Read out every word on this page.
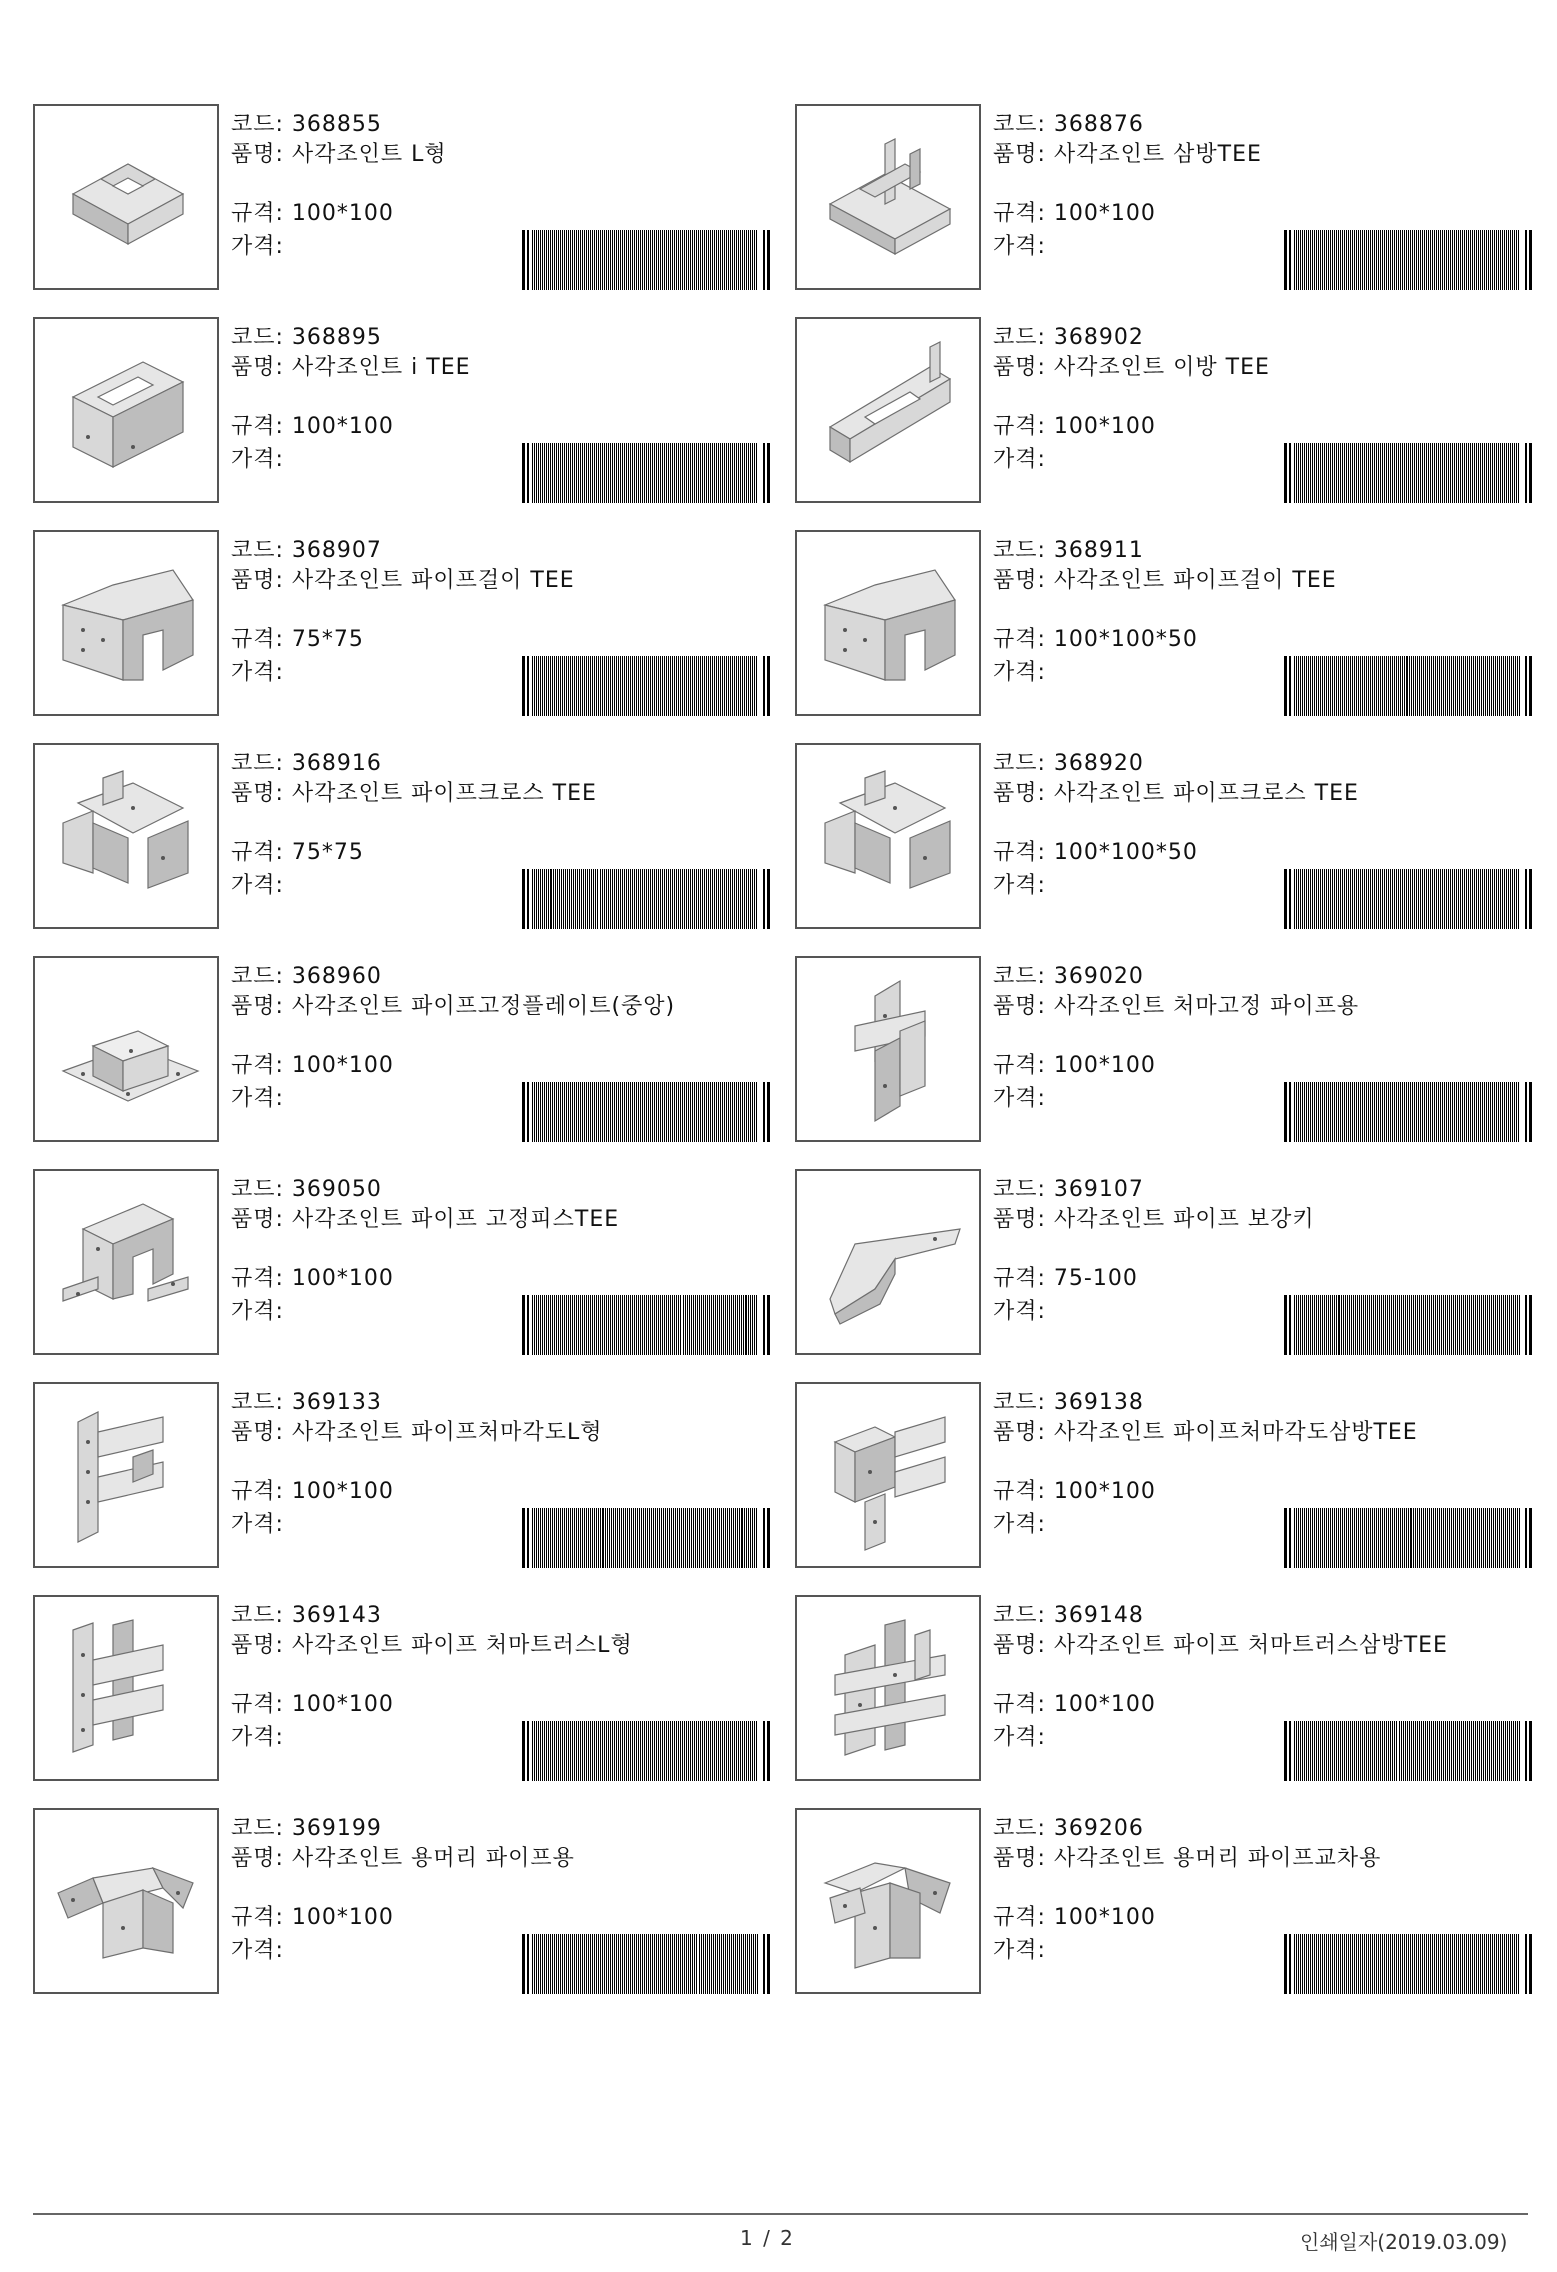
코드: 368855
품명: 사각조인트 L형
규격: 100*100
가격:
코드: 368876
품명: 사각조인트 삼방TEE
규격: 100*100
가격:
코드: 368895
품명: 사각조인트 i TEE
규격: 100*100
가격:
코드: 368902
품명: 사각조인트 이방 TEE
규격: 100*100
가격:
코드: 368907
품명: 사각조인트 파이프걸이 TEE
규격: 75*75
가격:
코드: 368911
품명: 사각조인트 파이프걸이 TEE
규격: 100*100*50
가격:
코드: 368916
품명: 사각조인트 파이프크로스 TEE
규격: 75*75
가격:
코드: 368920
품명: 사각조인트 파이프크로스 TEE
규격: 100*100*50
가격:
코드: 368960
품명: 사각조인트 파이프고정플레이트(중앙)
규격: 100*100
가격:
코드: 369020
품명: 사각조인트 처마고정 파이프용
규격: 100*100
가격:
코드: 369050
품명: 사각조인트 파이프 고정피스TEE
규격: 100*100
가격:
코드: 369107
품명: 사각조인트 파이프 보강키
규격: 75-100
가격:
코드: 369133
품명: 사각조인트 파이프처마각도L형
규격: 100*100
가격:
코드: 369138
품명: 사각조인트 파이프처마각도삼방TEE
규격: 100*100
가격:
코드: 369143
품명: 사각조인트 파이프 처마트러스L형
규격: 100*100
가격:
코드: 369148
품명: 사각조인트 파이프 처마트러스삼방TEE
규격: 100*100
가격:
코드: 369199
품명: 사각조인트 용머리 파이프용
규격: 100*100
가격:
코드: 369206
품명: 사각조인트 용머리 파이프교차용
규격: 100*100
가격:
1 / 2	인쇄일자(2019.03.09)
